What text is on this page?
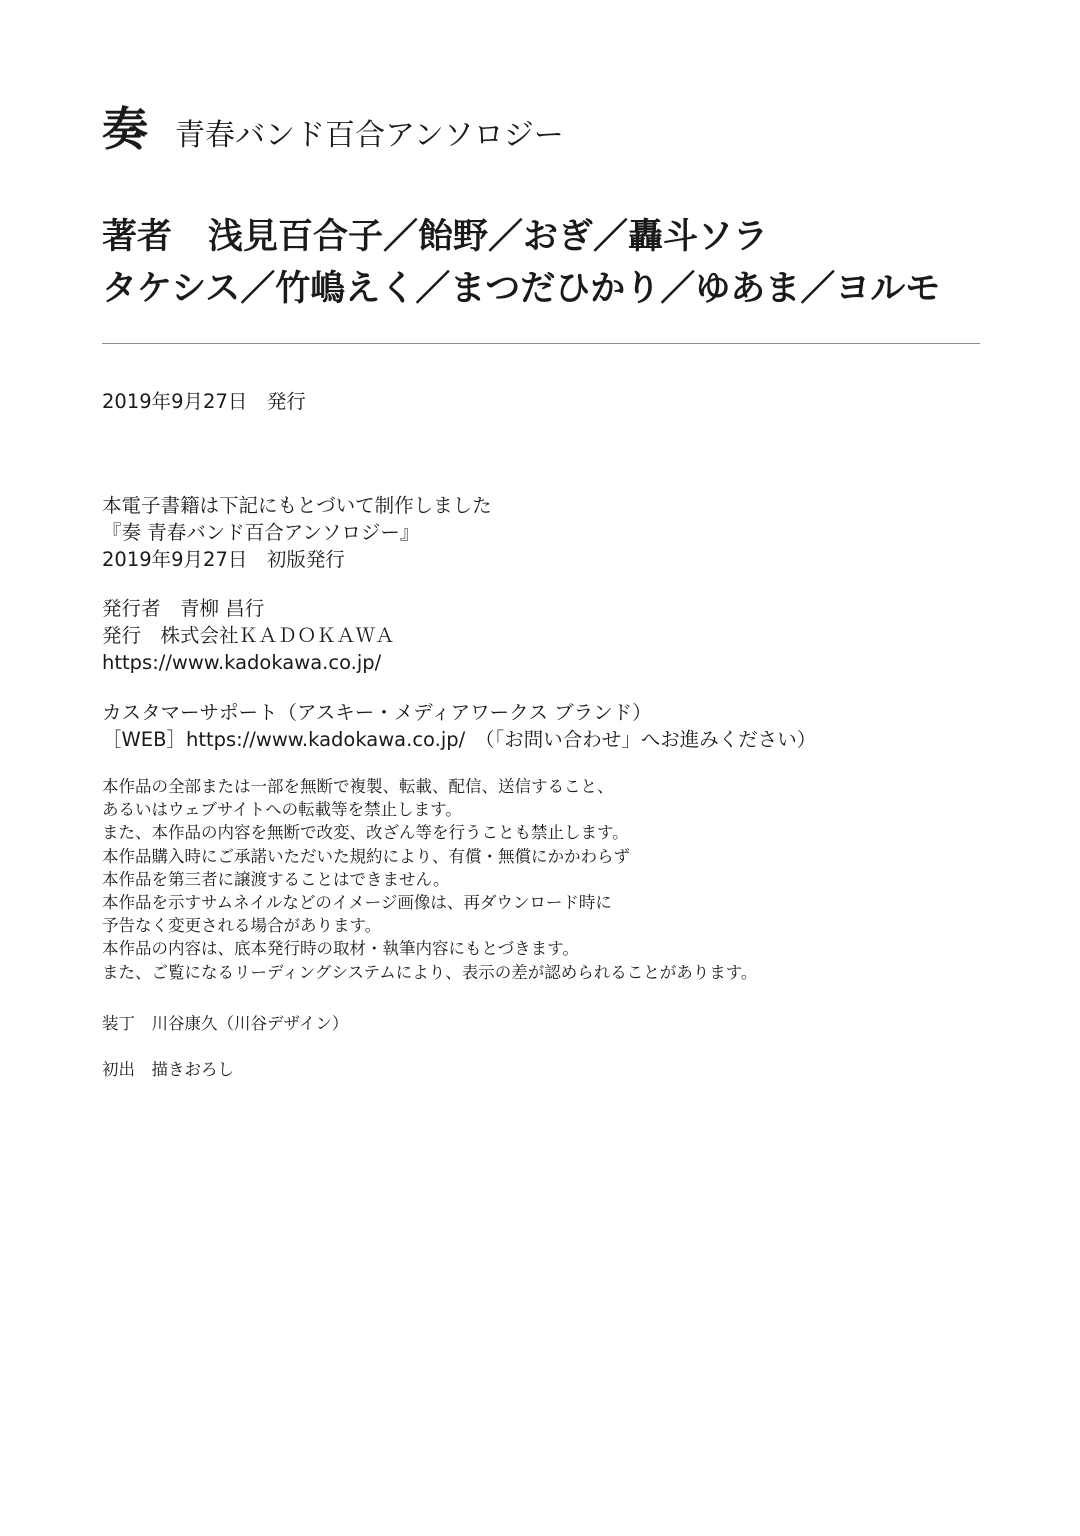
奏 青春バンド百合アンソロジー
著者 浅見百合子／飴野／おぎ／轟斗ソラ
タケシス／竹嶋えく／まつだひかり／ゆあま／ヨルモ
2019年9月27日　発行
本電子書籍は下記にもとづいて制作しました
『奏 青春バンド百合アンソロジー』
2019年9月27日　初版発行
発行者　青柳 昌行
発行　株式会社ＫＡＤＯＫＡＷＡ
https://www.kadokawa.co.jp/
カスタマーサポート（アスキー・メディアワークス ブランド）
［WEB］https://www.kadokawa.co.jp/　（「お問い合わせ」へお進みください）
本作品の全部または一部を無断で複製、転載、配信、送信すること、
あるいはウェブサイトへの転載等を禁止します。
また、本作品の内容を無断で改変、改ざん等を行うことも禁止します。
本作品購入時にご承諾いただいた規約により、有償・無償にかかわらず
本作品を第三者に譲渡することはできません。
本作品を示すサムネイルなどのイメージ画像は、再ダウンロード時に
予告なく変更される場合があります。
本作品の内容は、底本発行時の取材・執筆内容にもとづきます。
また、ご覧になるリーディングシステムにより、表示の差が認められることがあります。
装丁　川谷康久（川谷デザイン）
初出　描きおろし
